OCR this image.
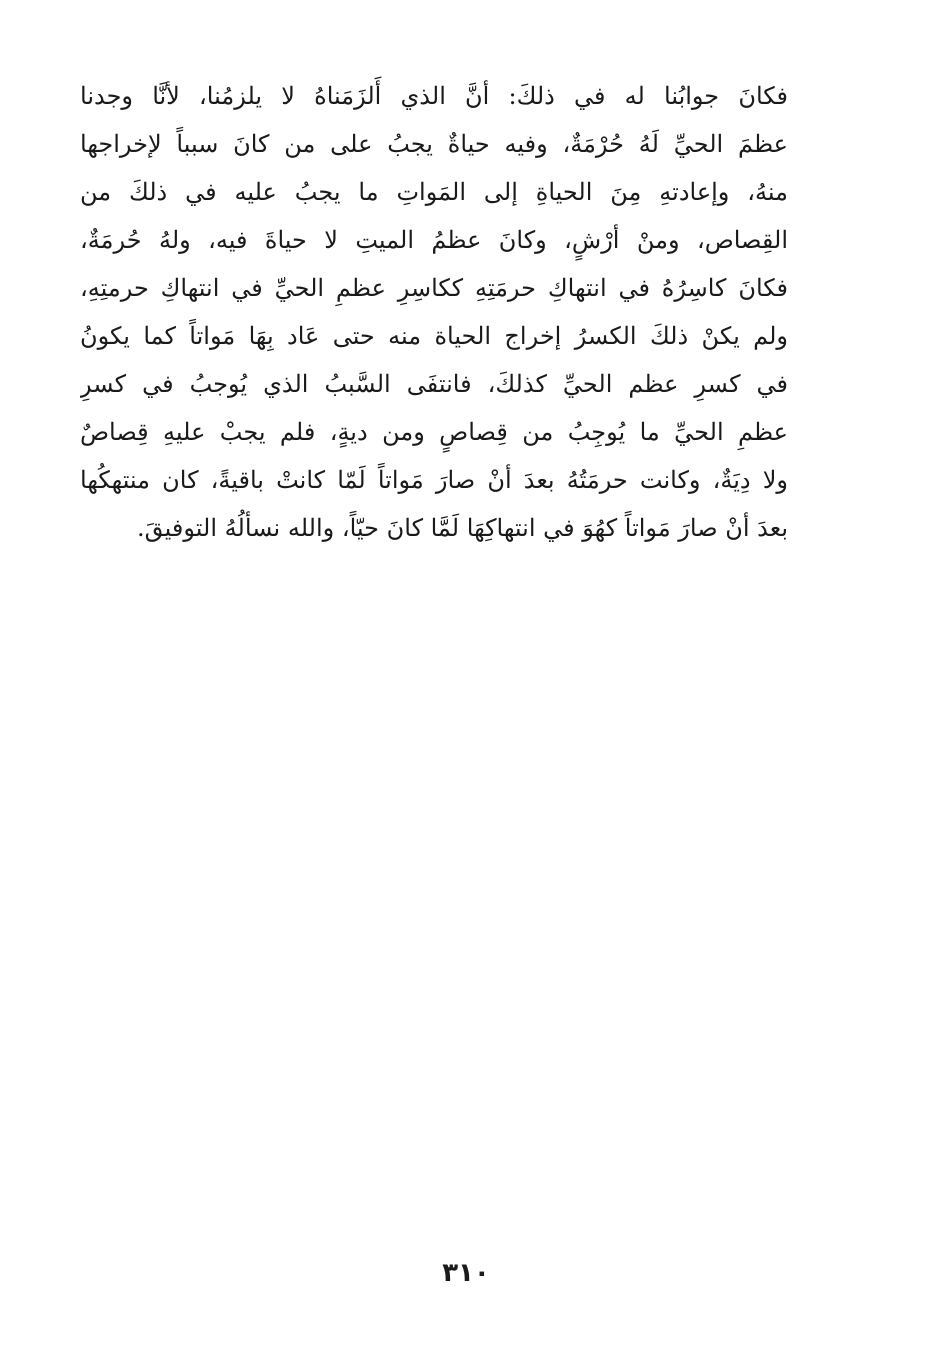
فكانَ جوابُنا له في ذلكَ: أنَّ الذي أَلزَمَناهُ لا يلزمُنا، لأنَّا وجدنا
عظمَ الحيِّ لَهُ حُرْمَةٌ، وفيه حياةٌ يجبُ على من كانَ سبباً لإخراجها
منهُ، وإعادتهِ مِنَ الحياةِ إلى المَواتِ ما يجبُ عليه في ذلكَ من
القِصاص، ومنْ أرْشٍ، وكانَ عظمُ الميتِ لا حياةَ فيه، ولهُ حُرمَةٌ،
فكانَ كاسِرُهُ في انتهاكِ حرمَتِهِ ككاسِرِ عظمِ الحيِّ في انتهاكِ حرمتِهِ،
ولم يكنْ ذلكَ الكسرُ إخراج الحياة منه حتى عَاد بِهَا مَواتاً كما يكونُ
في كسرِ عظم الحيِّ كذلكَ، فانتفَى السَّببُ الذي يُوجبُ في كسرِ
عظمِ الحيِّ ما يُوجِبُ من قِصاصٍ ومن ديةٍ، فلم يجبْ عليهِ قِصاصٌ
ولا دِيَةٌ، وكانت حرمَتُهُ بعدَ أنْ صارَ مَواتاً لَمّا كانتْ باقيةً، كان منتهكُها
بعدَ أنْ صارَ مَواتاً كهُوَ في انتهاكِهَا لَمَّا كانَ حيّاً، والله نسألُهُ التوفيقَ.
٣١٠
